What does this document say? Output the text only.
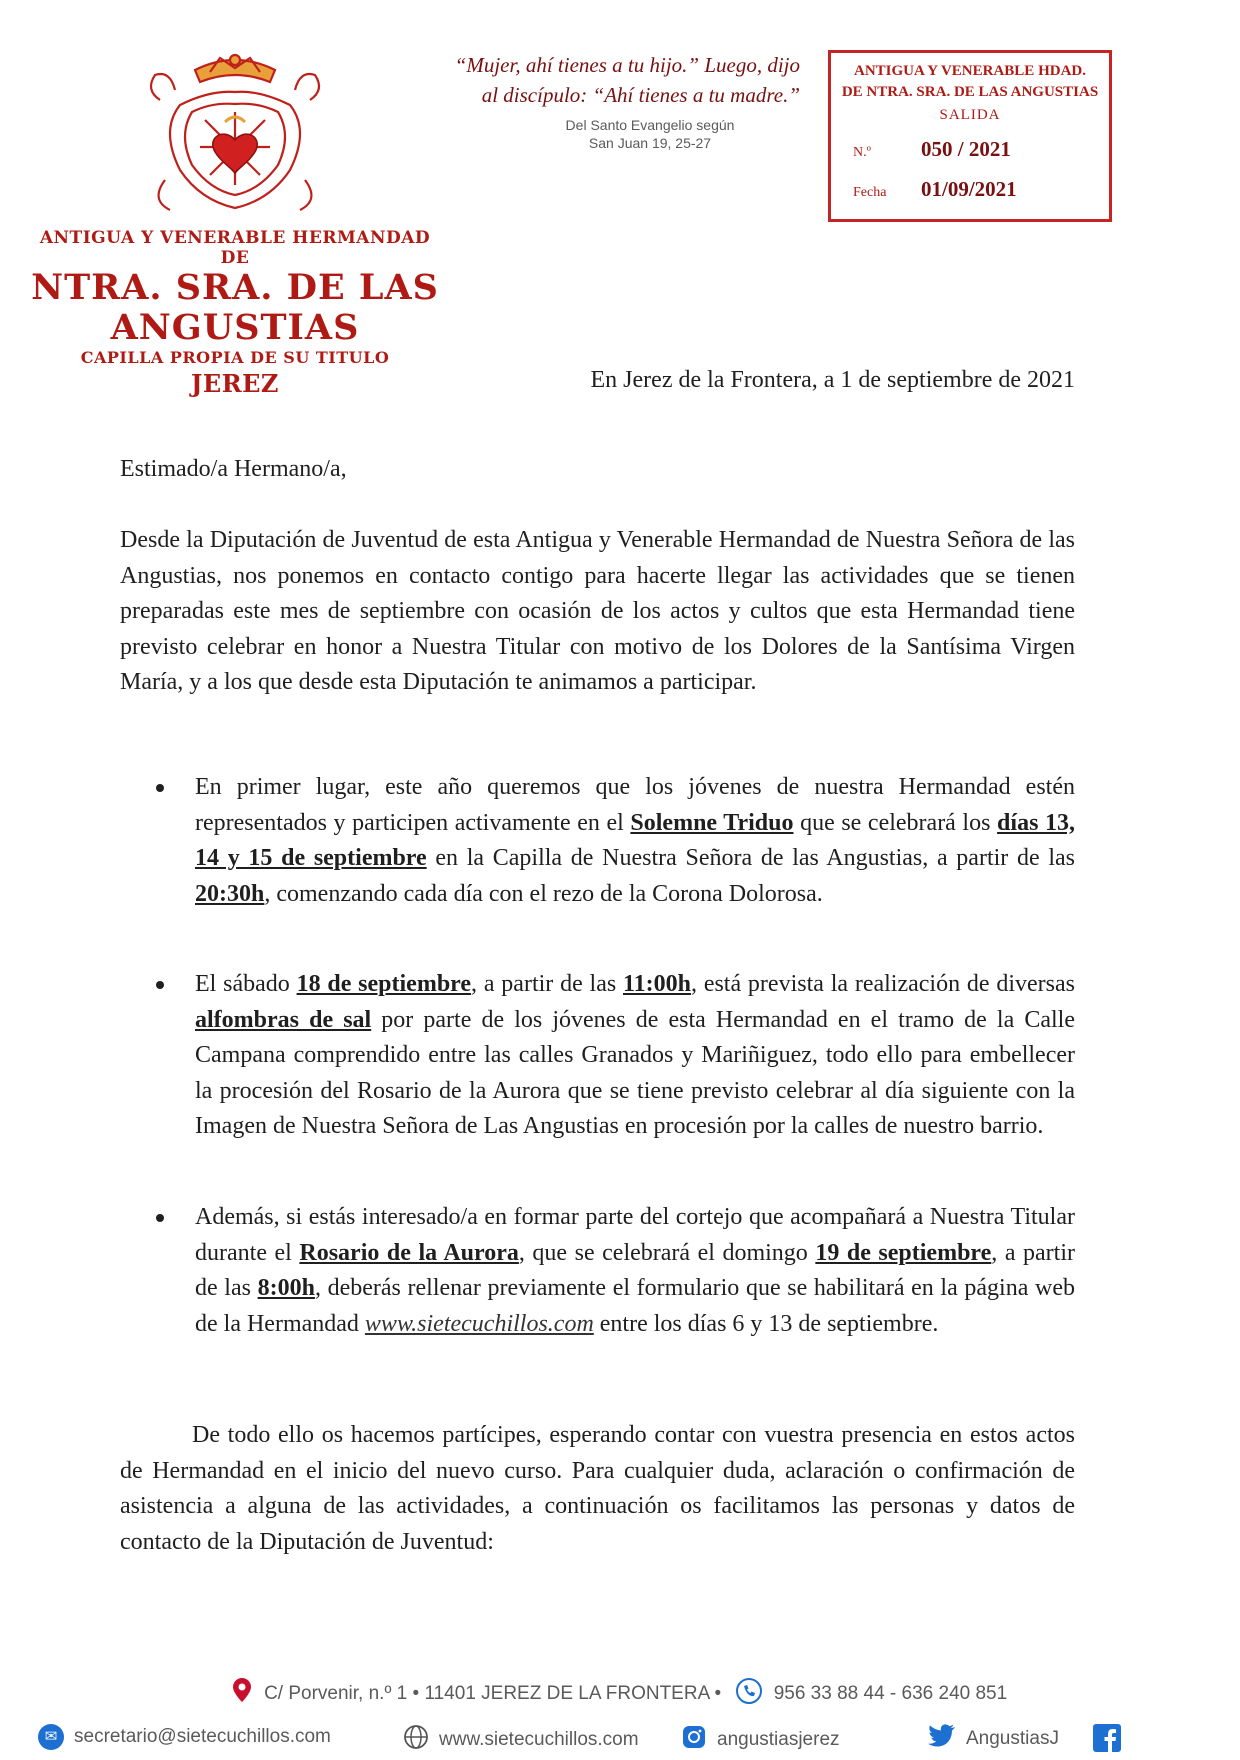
ANTIGUA Y VENERABLE HERMANDAD DE
NTRA. SRA. DE LAS ANGUSTIAS
CAPILLA PROPIA DE SU TITULO
JEREZ
“Mujer, ahí tienes a tu hijo.” Luego, dijo
al discípulo: “Ahí tienes a tu madre.”
Del Santo Evangelio según
San Juan 19, 25-27
ANTIGUA Y VENERABLE HDAD.
DE NTRA. SRA. DE LAS ANGUSTIAS
SALIDA
N.º 050 / 2021
Fecha 01/09/2021
En Jerez de la Frontera, a 1 de septiembre de 2021
Estimado/a Hermano/a,

Desde la Diputación de Juventud de esta Antigua y Venerable Hermandad de Nuestra Señora de las Angustias, nos ponemos en contacto contigo para hacerte llegar las actividades que se tienen preparadas este mes de septiembre con ocasión de los actos y cultos que esta Hermandad tiene previsto celebrar en honor a Nuestra Titular con motivo de los Dolores de la Santísima Virgen María, y a los que desde esta Diputación te animamos a participar.

En primer lugar, este año queremos que los jóvenes de nuestra Hermandad estén representados y participen activamente en el Solemne Triduo que se celebrará los días 13, 14 y 15 de septiembre en la Capilla de Nuestra Señora de las Angustias, a partir de las 20:30h, comenzando cada día con el rezo de la Corona Dolorosa.
El sábado 18 de septiembre, a partir de las 11:00h, está prevista la realización de diversas alfombras de sal por parte de los jóvenes de esta Hermandad en el tramo de la Calle Campana comprendido entre las calles Granados y Mariñiguez, todo ello para embellecer la procesión del Rosario de la Aurora que se tiene previsto celebrar al día siguiente con la Imagen de Nuestra Señora de Las Angustias en procesión por la calles de nuestro barrio.
Además, si estás interesado/a en formar parte del cortejo que acompañará a Nuestra Titular durante el Rosario de la Aurora, que se celebrará el domingo 19 de septiembre, a partir de las 8:00h, deberás rellenar previamente el formulario que se habilitará en la página web de la Hermandad www.sietecuchillos.com entre los días 6 y 13 de septiembre.
De todo ello os hacemos partícipes, esperando contar con vuestra presencia en estos actos de Hermandad en el inicio del nuevo curso. Para cualquier duda, aclaración o confirmación de asistencia a alguna de las actividades, a continuación os facilitamos las personas y datos de contacto de la Diputación de Juventud:
C/ Porvenir, n.º 1 • 11401 JEREZ DE LA FRONTERA •	956 33 88 44 - 636 240 851
✉ secretario@sietecuchillos.com	www.sietecuchillos.com	angustiasjerez	AngustiasJ
